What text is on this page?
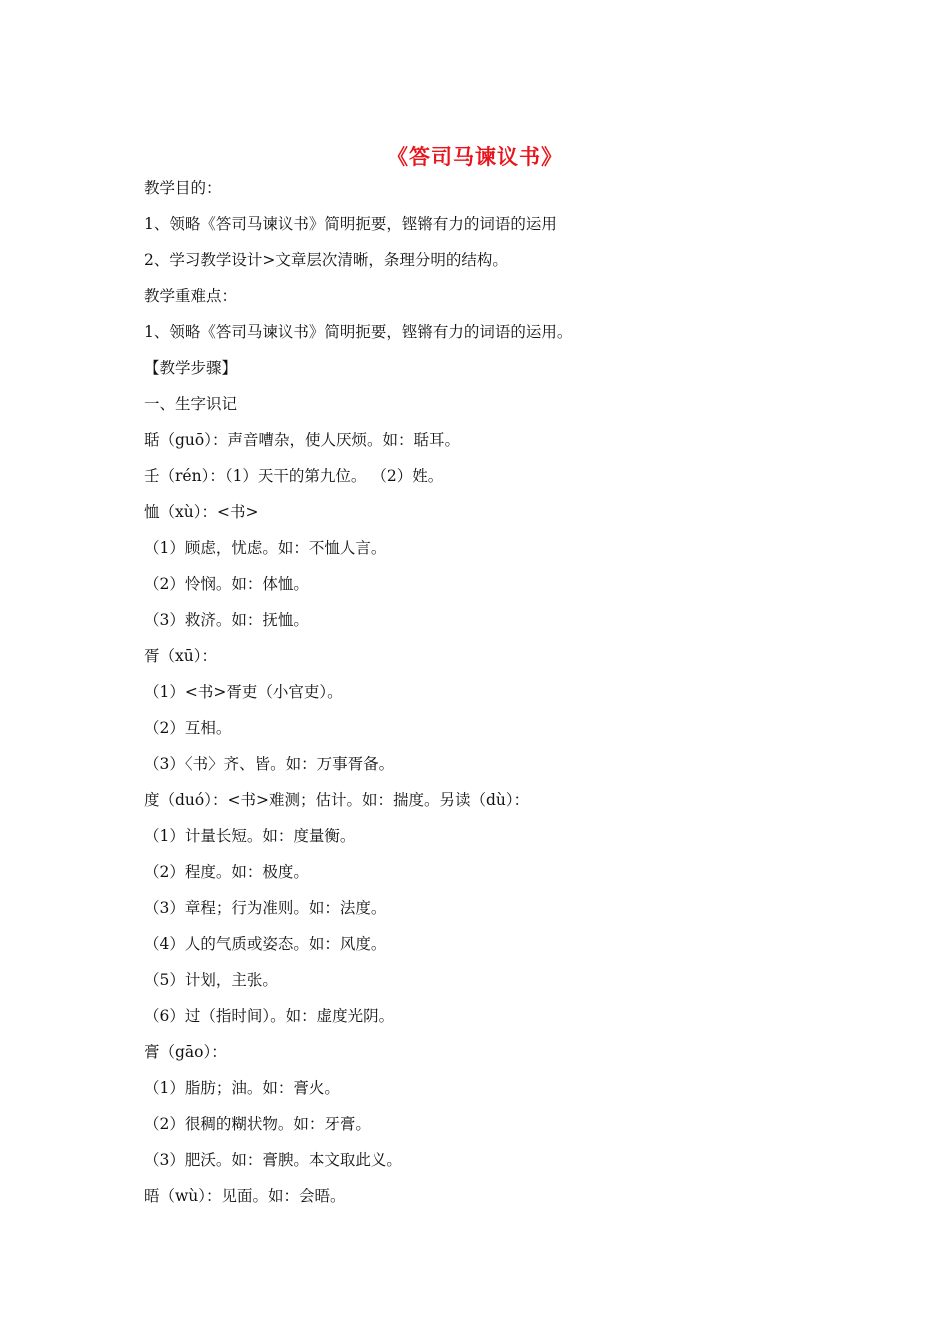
《答司马谏议书》
教学目的：
1、领略《答司马谏议书》简明扼要，铿锵有力的词语的运用
2、学习教学设计>文章层次清晰，条理分明的结构。
教学重难点：
1、领略《答司马谏议书》简明扼要，铿锵有力的词语的运用。
【教学步骤】
一、生字识记
聒（guō）：声音嘈杂，使人厌烦。如：聒耳。
壬（rén）：（1）天干的第九位。 （2）姓。
恤（xù）：<书>
（1）顾虑，忧虑。如：不恤人言。
（2）怜悯。如：体恤。
（3）救济。如：抚恤。
胥（xū）：
（1）<书>胥吏（小官吏）。
（2）互相。
（3）〈书〉齐、皆。如：万事胥备。
度（duó）：<书>难测；估计。如：揣度。另读（dù）：
（1）计量长短。如：度量衡。
（2）程度。如：极度。
（3）章程；行为准则。如：法度。
（4）人的气质或姿态。如：风度。
（5）计划，主张。
（6）过（指时间）。如：虚度光阴。
膏（gāo）：
（1）脂肪；油。如：膏火。
（2）很稠的糊状物。如：牙膏。
（3）肥沃。如：膏腴。本文取此义。
晤（wù）：见面。如：会晤。
